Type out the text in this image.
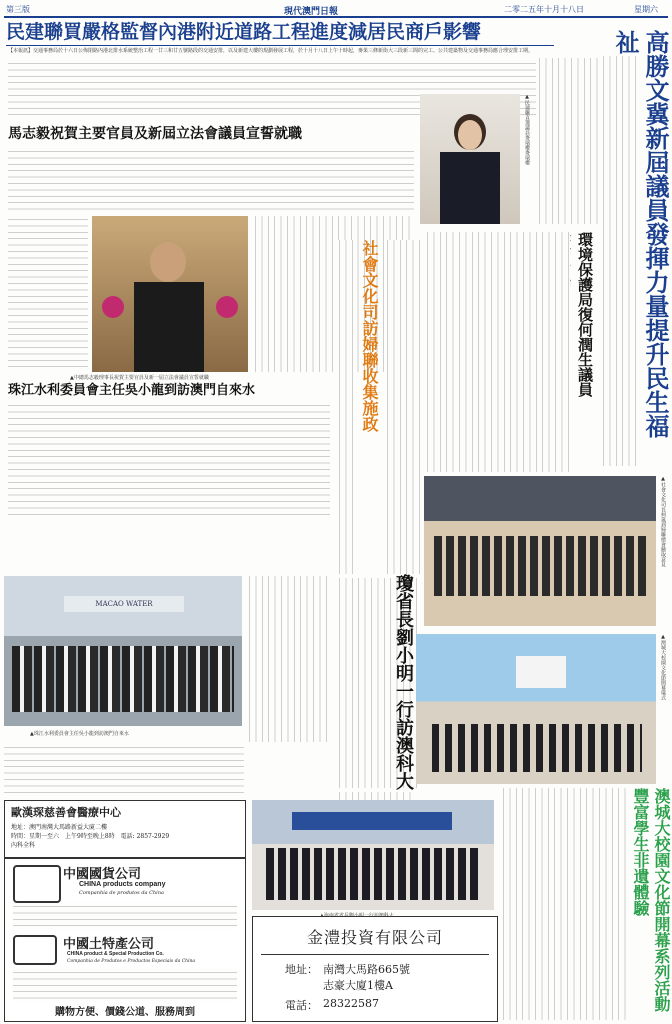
第三版	現代澳門日報	二零二五年十月十八日	星期六
民建聯買嚴格監督內港附近道路工程進度減居民商戶影響
【本報訊】交通事務局於十六日公佈閉路內港北排水系統整治工程一廿三和廿五號路段的交通安排，以及新建大樓的規劃發展工程，於十月十八日上午十時起，麥果三條新街大三段新三間的完工、公共建築物及交通事務局應合理安排工期。
馬志毅祝賀主要官員及新屆立法會議員宣誓就職
▲中總馬志毅理事長祝賀主要官員及新一屆立法會議員宣誓就職
珠江水利委員會主任吳小龍到訪澳門自來水
MACAO WATER
▲珠江水利委員會主任吳小龍到訪澳門自來水
▲民建聯直選議員麥瑞權麥瑞權
社會文化司訪婦聯收集施政
環境保護局復何潤生議員 高勝文冀新屆議員發揮力量提升民生福祉
▲社會文化司長柯嵐到婦聯總會聽取意見
瓊省長劉小明一行訪澳科大	▲澳城大校園文化節開幕儀式
澳城大校園文化節開幕系列活動豐富學生非遺體驗
歐漢琛慈善會醫療中心
地址：澳門南灣大馬路新益大廈二樓
時間：星期一至六　上午9時至晚上8時　電話: 2857-2929
內科全科
中國國貨公司
CHINA products company
Companhia de produtos da China
中國土特產公司
CHINA product & Special Production Co.
Companhia de Produtos e Productos Especiais da China
購物方便、價錢公道、服務周到
金澧投資有限公司
地址： 南灣大馬路665號
志豪大廈1樓A
電話： 28322587
